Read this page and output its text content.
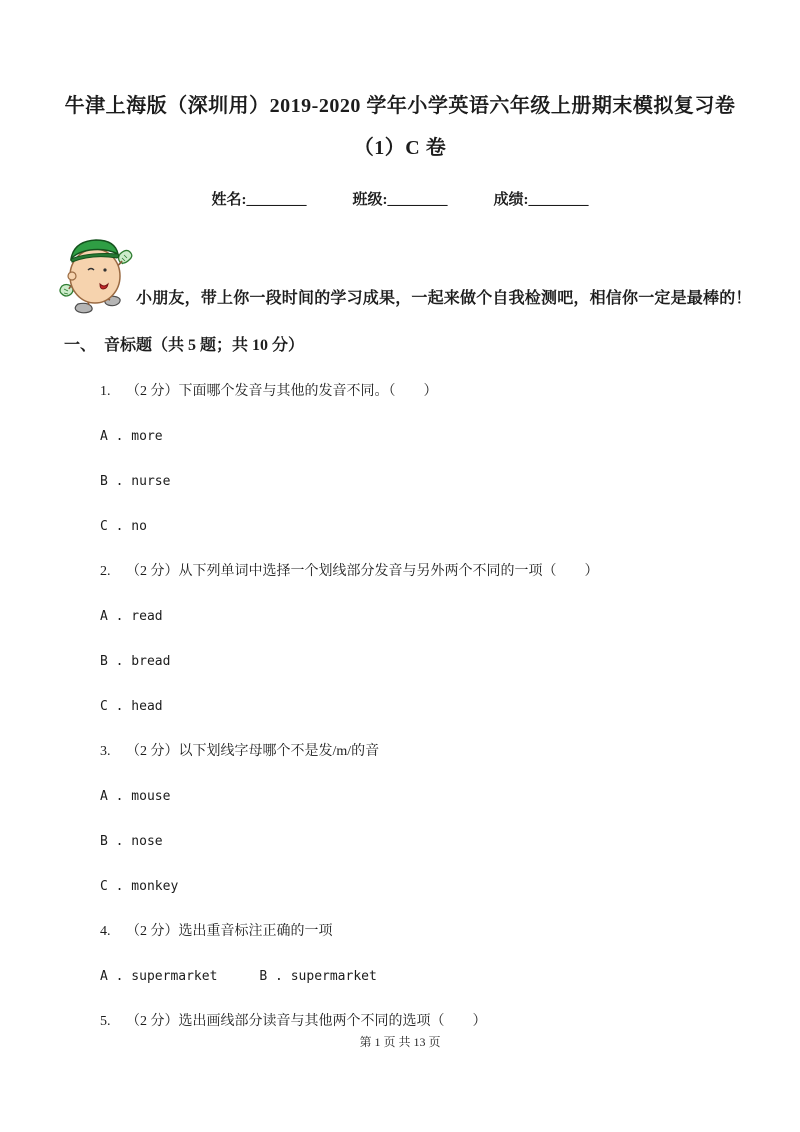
牛津上海版（深圳用）2019-2020 学年小学英语六年级上册期末模拟复习卷
（1）C 卷
姓名:________	班级:________	成绩:________
小朋友，带上你一段时间的学习成果，一起来做个自我检测吧，相信你一定是最棒的！
一、　音标题（共 5 题；共 10 分）
1. （2 分）下面哪个发音与其他的发音不同。（　　）
A . more
B . nurse
C . no
2. （2 分）从下列单词中选择一个划线部分发音与另外两个不同的一项（　　）
A . read
B . bread
C . head
3. （2 分）以下划线字母哪个不是发/m/的音
A . mouse
B . nose
C . monkey
4. （2 分）选出重音标注正确的一项
A . supermarket	B . supermarket
5. （2 分）选出画线部分读音与其他两个不同的选项（　　）
第 1 页 共 13 页
